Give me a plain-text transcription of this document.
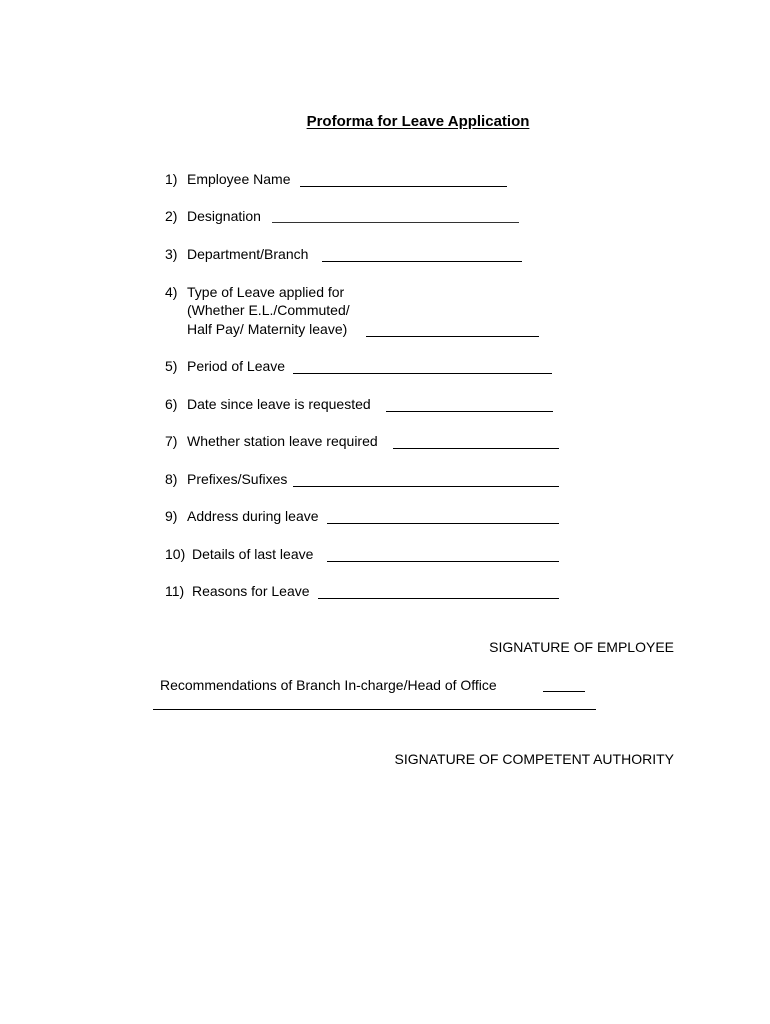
Proforma for Leave Application
1) Employee Name
2) Designation
3) Department/Branch
4) Type of Leave applied for
(Whether E.L./Commuted/
Half Pay/ Maternity leave)
5) Period of Leave
6) Date since leave is requested
7) Whether station leave required
8) Prefixes/Sufixes
9) Address during leave
10) Details of last leave
11) Reasons for Leave
SIGNATURE OF EMPLOYEE
Recommendations of Branch In-charge/Head of Office
SIGNATURE OF COMPETENT AUTHORITY
